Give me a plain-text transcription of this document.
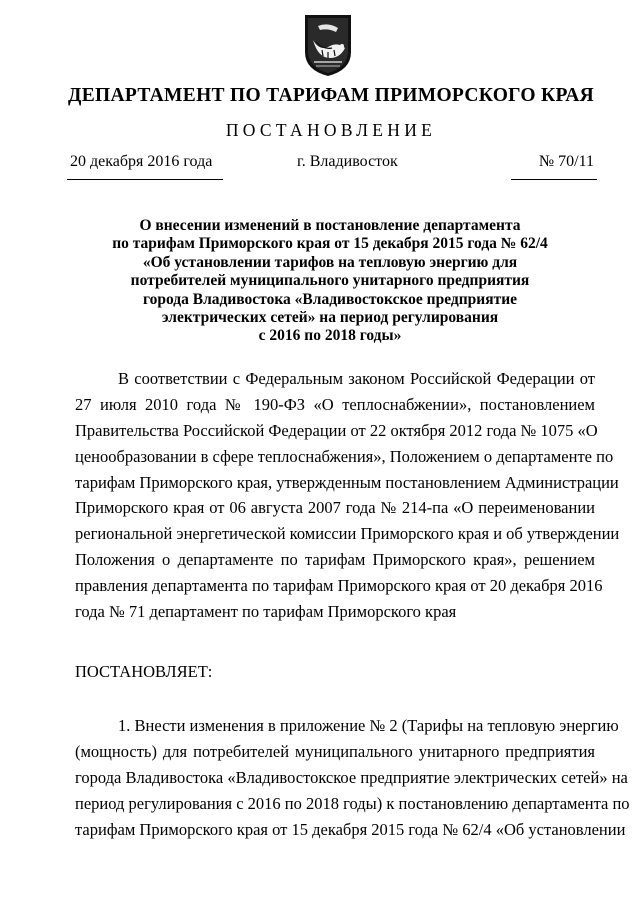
ДЕПАРТАМЕНТ ПО ТАРИФАМ ПРИМОРСКОГО КРАЯ
ПОСТАНОВЛЕНИЕ
20 декабря 2016 года	г. Владивосток	№ 70/11
О внесении изменений в постановление департамента
по тарифам Приморского края от 15 декабря 2015 года № 62/4
«Об установлении тарифов на тепловую энергию для
потребителей муниципального унитарного предприятия
города Владивостока «Владивостокское предприятие
электрических сетей» на период регулирования
с 2016 по 2018 годы»
В соответствии с Федеральным законом Российской Федерации от
27 июля 2010 года № 190-ФЗ «О теплоснабжении», постановлением
Правительства Российской Федерации от 22 октября 2012 года № 1075 «О
ценообразовании в сфере теплоснабжения», Положением о департаменте по
тарифам Приморского края, утвержденным постановлением Администрации
Приморского края от 06 августа 2007 года № 214-па «О переименовании
региональной энергетической комиссии Приморского края и об утверждении
Положения о департаменте по тарифам Приморского края», решением
правления департамента по тарифам Приморского края от 20 декабря 2016
года № 71 департамент по тарифам Приморского края
ПОСТАНОВЛЯЕТ:
1. Внести изменения в приложение № 2 (Тарифы на тепловую энергию
(мощность) для потребителей муниципального унитарного предприятия
города Владивостока «Владивостокское предприятие электрических сетей» на
период регулирования с 2016 по 2018 годы) к постановлению департамента по
тарифам Приморского края от 15 декабря 2015 года № 62/4 «Об установлении
